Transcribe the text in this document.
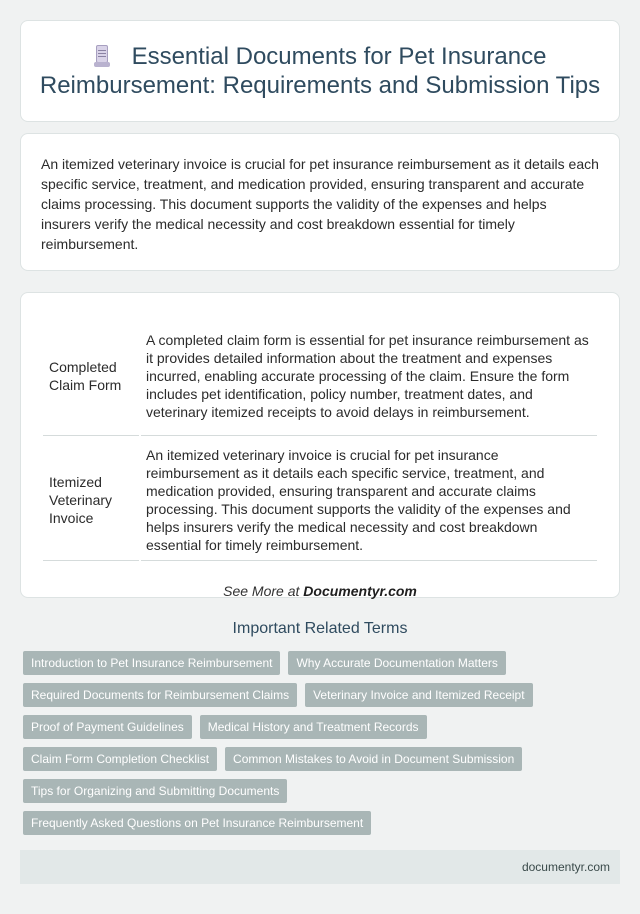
Essential Documents for Pet Insurance Reimbursement: Requirements and Submission Tips

An itemized veterinary invoice is crucial for pet insurance reimbursement as it details each specific service, treatment, and medication provided, ensuring transparent and accurate claims processing. This document supports the validity of the expenses and helps insurers verify the medical necessity and cost breakdown essential for timely reimbursement.

Completed Claim Form	A completed claim form is essential for pet insurance reimbursement as it provides detailed information about the treatment and expenses incurred, enabling accurate processing of the claim. Ensure the form includes pet identification, policy number, treatment dates, and veterinary itemized receipts to avoid delays in reimbursement.
Itemized Veterinary Invoice	An itemized veterinary invoice is crucial for pet insurance reimbursement as it details each specific service, treatment, and medication provided, ensuring transparent and accurate claims processing. This document supports the validity of the expenses and helps insurers verify the medical necessity and cost breakdown essential for timely reimbursement.
See More at Documentyr.com
Important Related Terms
Introduction to Pet Insurance Reimbursement	Why Accurate Documentation Matters
Required Documents for Reimbursement Claims	Veterinary Invoice and Itemized Receipt
Proof of Payment Guidelines	Medical History and Treatment Records
Claim Form Completion Checklist	Common Mistakes to Avoid in Document Submission
Tips for Organizing and Submitting Documents
Frequently Asked Questions on Pet Insurance Reimbursement
documentyr.com
